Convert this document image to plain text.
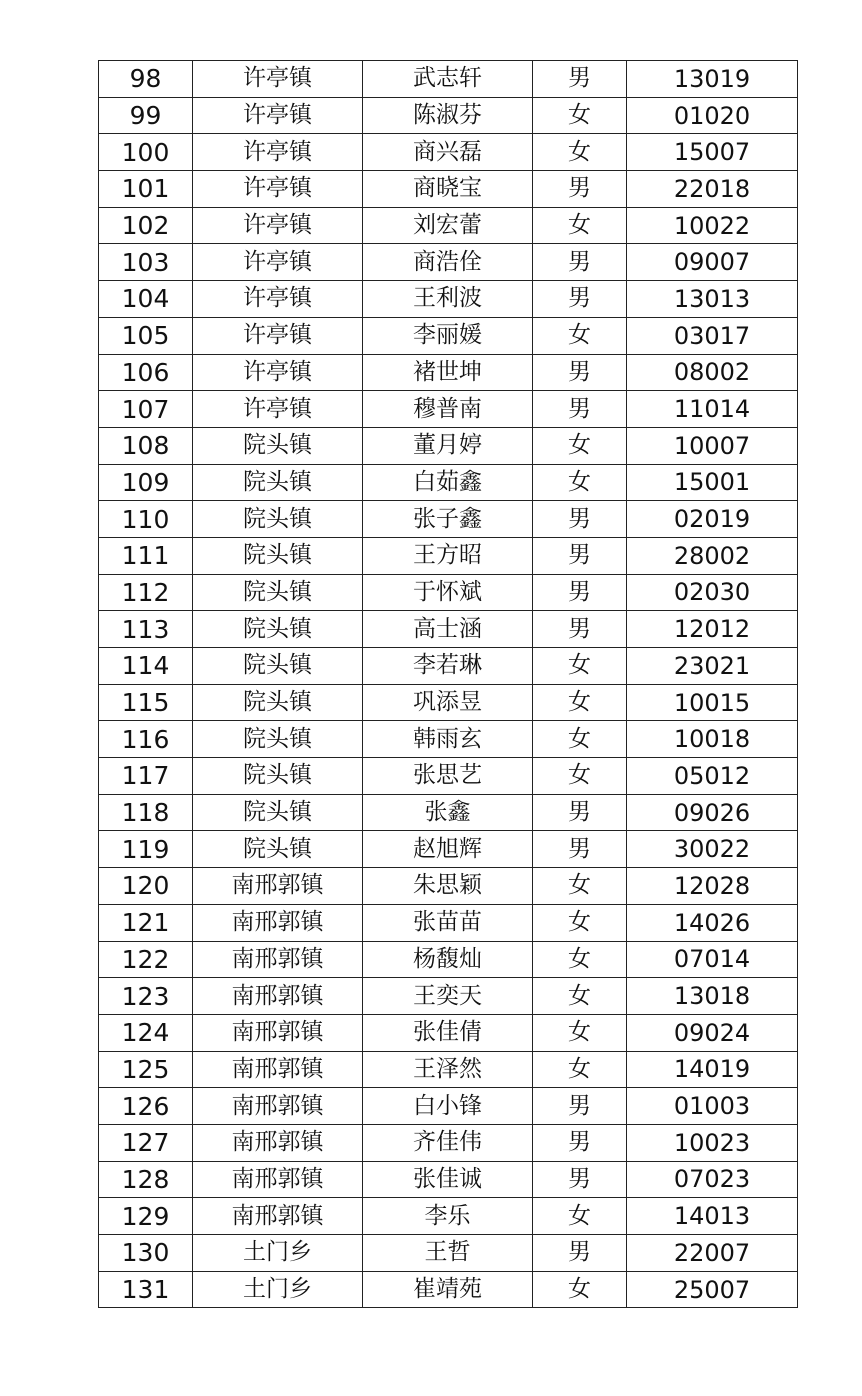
98	许亭镇	武志轩	男	13019
99	许亭镇	陈淑芬	女	01020
100	许亭镇	商兴磊	女	15007
101	许亭镇	商晓宝	男	22018
102	许亭镇	刘宏蕾	女	10022
103	许亭镇	商浩佺	男	09007
104	许亭镇	王利波	男	13013
105	许亭镇	李丽媛	女	03017
106	许亭镇	褚世坤	男	08002
107	许亭镇	穆普南	男	11014
108	院头镇	董月婷	女	10007
109	院头镇	白茹鑫	女	15001
110	院头镇	张子鑫	男	02019
111	院头镇	王方昭	男	28002
112	院头镇	于怀斌	男	02030
113	院头镇	高士涵	男	12012
114	院头镇	李若琳	女	23021
115	院头镇	巩添昱	女	10015
116	院头镇	韩雨玄	女	10018
117	院头镇	张思艺	女	05012
118	院头镇	张鑫	男	09026
119	院头镇	赵旭辉	男	30022
120	南邢郭镇	朱思颖	女	12028
121	南邢郭镇	张苗苗	女	14026
122	南邢郭镇	杨馥灿	女	07014
123	南邢郭镇	王奕天	女	13018
124	南邢郭镇	张佳倩	女	09024
125	南邢郭镇	王泽然	女	14019
126	南邢郭镇	白小锋	男	01003
127	南邢郭镇	齐佳伟	男	10023
128	南邢郭镇	张佳诚	男	07023
129	南邢郭镇	李乐	女	14013
130	土门乡	王哲	男	22007
131	土门乡	崔靖苑	女	25007
